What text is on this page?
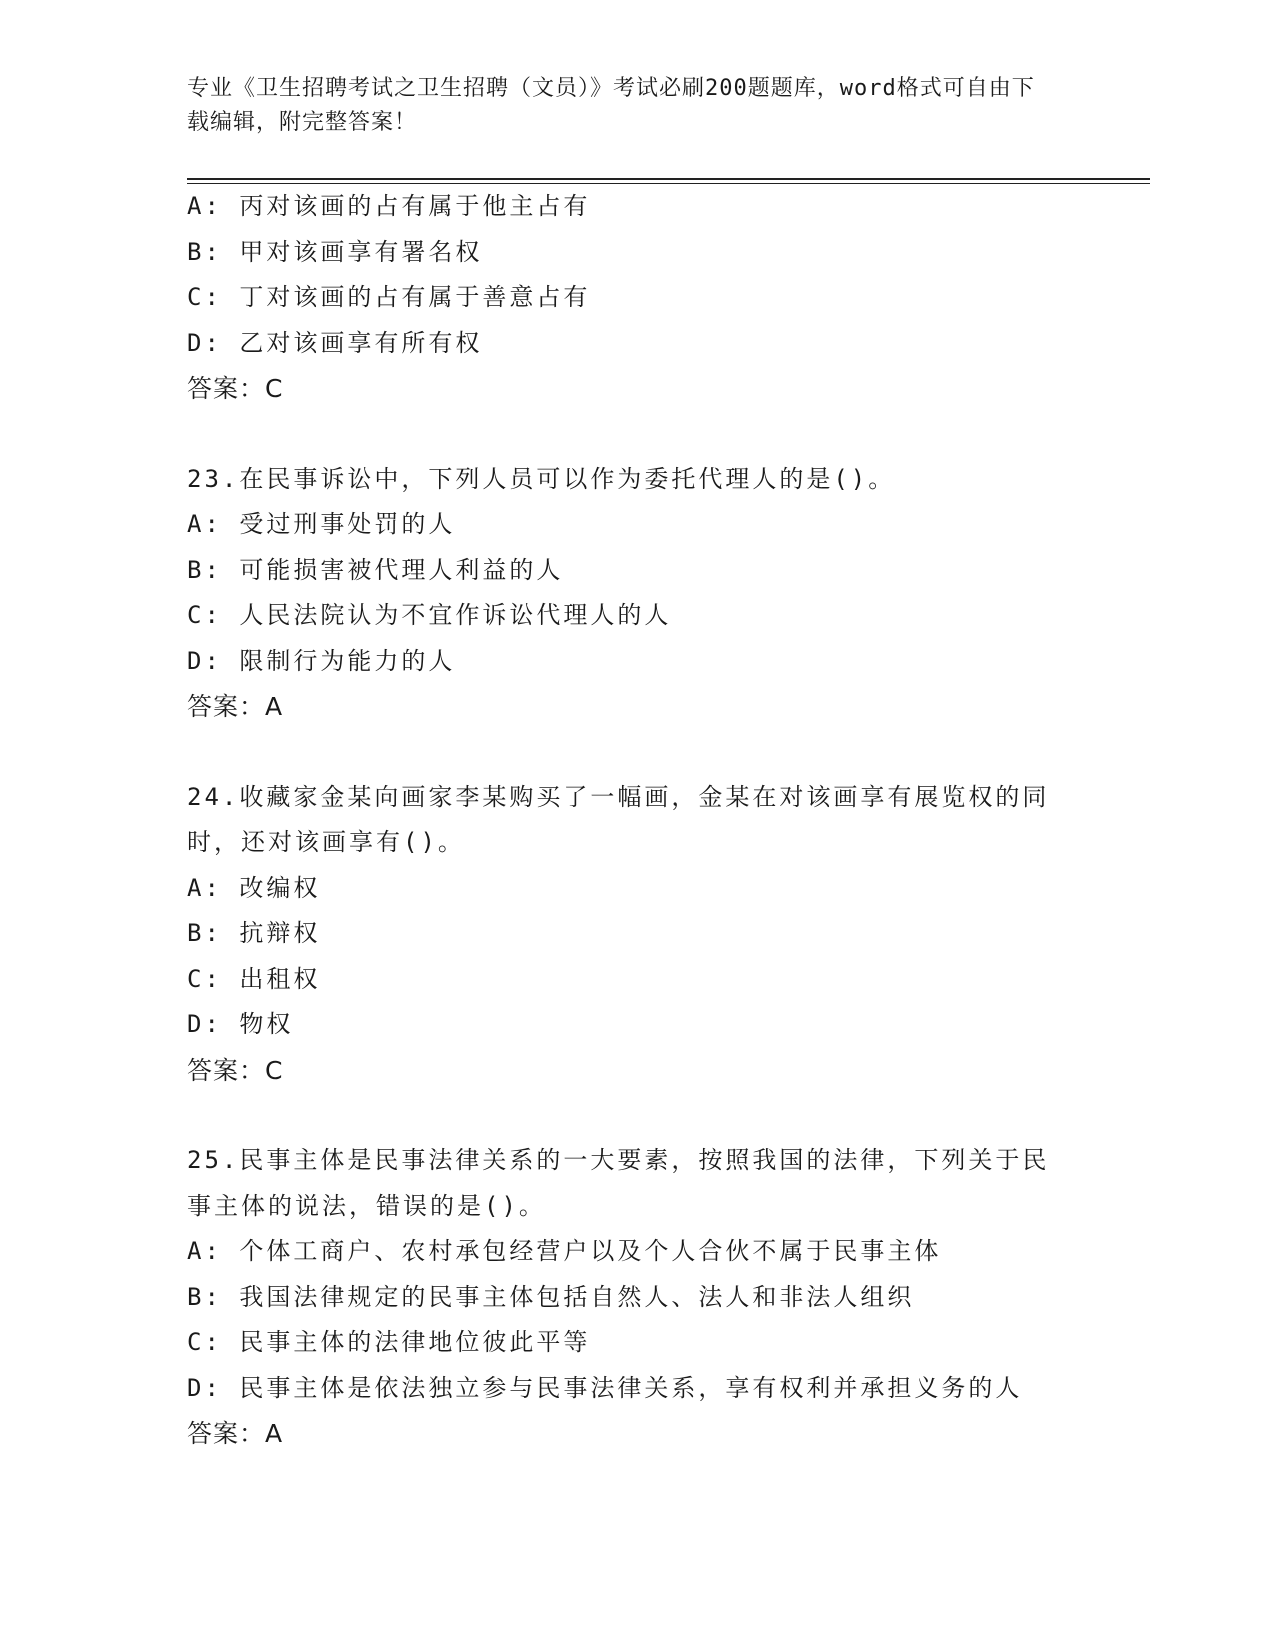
专业《卫生招聘考试之卫生招聘（文员）》考试必刷200题题库，word格式可自由下载编辑，附完整答案！

A: 丙对该画的占有属于他主占有

B: 甲对该画享有署名权

C: 丁对该画的占有属于善意占有

D: 乙对该画享有所有权

答案：C

23.在民事诉讼中，下列人员可以作为委托代理人的是()。

A: 受过刑事处罚的人

B: 可能损害被代理人利益的人

C: 人民法院认为不宜作诉讼代理人的人

D: 限制行为能力的人

答案：A

24.收藏家金某向画家李某购买了一幅画，金某在对该画享有展览权的同时，还对该画享有()。

A: 改编权

B: 抗辩权

C: 出租权

D: 物权

答案：C

25.民事主体是民事法律关系的一大要素，按照我国的法律，下列关于民事主体的说法，错误的是()。

A: 个体工商户、农村承包经营户以及个人合伙不属于民事主体

B: 我国法律规定的民事主体包括自然人、法人和非法人组织

C: 民事主体的法律地位彼此平等

D: 民事主体是依法独立参与民事法律关系，享有权利并承担义务的人

答案：A
